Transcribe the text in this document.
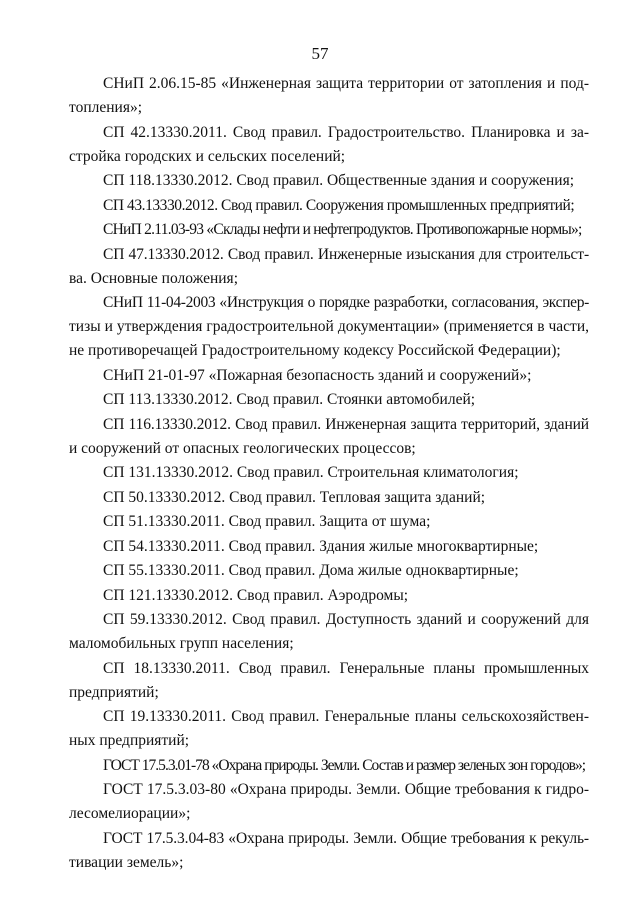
57

СНиП 2.06.15-85 «Инженерная защита территории от затопления и под-
топления»;

СП 42.13330.2011. Свод правил. Градостроительство. Планировка и за-
стройка городских и сельских поселений;

СП 118.13330.2012. Свод правил. Общественные здания и сооружения;

СП 43.13330.2012. Свод правил. Сооружения промышленных предприятий;

СНиП 2.11.03-93 «Склады нефти и нефтепродуктов. Противопожарные нормы»;

СП 47.13330.2012. Свод правил. Инженерные изыскания для строительст-
ва. Основные положения;

СНиП 11-04-2003 «Инструкция о порядке разработки, согласования, экспер-
тизы и утверждения градостроительной документации» (применяется в части,
не противоречащей Градостроительному кодексу Российской Федерации);

СНиП 21-01-97 «Пожарная безопасность зданий и сооружений»;

СП 113.13330.2012. Свод правил. Стоянки автомобилей;

СП 116.13330.2012. Свод правил. Инженерная защита территорий, зданий
и сооружений от опасных геологических процессов;

СП 131.13330.2012. Свод правил. Строительная климатология;

СП 50.13330.2012. Свод правил. Тепловая защита зданий;

СП 51.13330.2011. Свод правил. Защита от шума;

СП 54.13330.2011. Свод правил. Здания жилые многоквартирные;

СП 55.13330.2011. Свод правил. Дома жилые одноквартирные;

СП 121.13330.2012. Свод правил. Аэродромы;

СП 59.13330.2012. Свод правил. Доступность зданий и сооружений для
маломобильных групп населения;

СП 18.13330.2011. Свод правил. Генеральные планы промышленных
предприятий;

СП 19.13330.2011. Свод правил. Генеральные планы сельскохозяйствен-
ных предприятий;

ГОСТ 17.5.3.01-78 «Охрана природы. Земли. Состав и размер зеленых зон городов»;

ГОСТ 17.5.3.03-80 «Охрана природы. Земли. Общие требования к гидро-
лесомелиорации»;

ГОСТ 17.5.3.04-83 «Охрана природы. Земли. Общие требования к рекуль-
тивации земель»;
